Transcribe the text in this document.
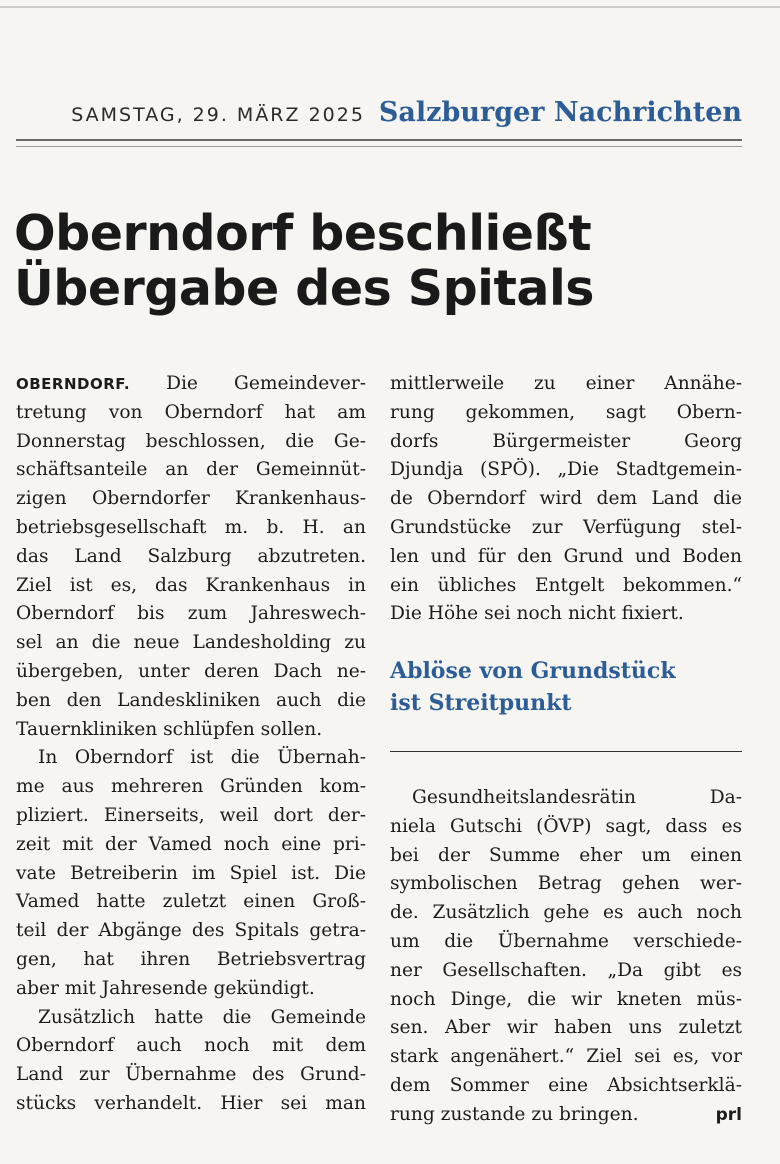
SAMSTAG, 29. MÄRZ 2025 Salzburger Nachrichten
Oberndorf beschließt
Übergabe des Spitals
OBERNDORF. Die Gemeindever-
tretung von Oberndorf hat am
Donnerstag beschlossen, die Ge-
schäftsanteile an der Gemeinnüt-
zigen Oberndorfer Krankenhaus-
betriebsgesellschaft m. b. H. an
das Land Salzburg abzutreten.
Ziel ist es, das Krankenhaus in
Oberndorf bis zum Jahreswech-
sel an die neue Landesholding zu
übergeben, unter deren Dach ne-
ben den Landeskliniken auch die
Tauernkliniken schlüpfen sollen.
In Oberndorf ist die Übernah-
me aus mehreren Gründen kom-
pliziert. Einerseits, weil dort der-
zeit mit der Vamed noch eine pri-
vate Betreiberin im Spiel ist. Die
Vamed hatte zuletzt einen Groß-
teil der Abgänge des Spitals getra-
gen, hat ihren Betriebsvertrag
aber mit Jahresende gekündigt.
Zusätzlich hatte die Gemeinde
Oberndorf auch noch mit dem
Land zur Übernahme des Grund-
stücks verhandelt. Hier sei man
mittlerweile zu einer Annähe-
rung gekommen, sagt Obern-
dorfs Bürgermeister Georg
Djundja (SPÖ). „Die Stadtgemein-
de Oberndorf wird dem Land die
Grundstücke zur Verfügung stel-
len und für den Grund und Boden
ein übliches Entgelt bekommen.“
Die Höhe sei noch nicht fixiert.
Ablöse von Grundstück
ist Streitpunkt
Gesundheitslandesrätin Da-
niela Gutschi (ÖVP) sagt, dass es
bei der Summe eher um einen
symbolischen Betrag gehen wer-
de. Zusätzlich gehe es auch noch
um die Übernahme verschiede-
ner Gesellschaften. „Da gibt es
noch Dinge, die wir kneten müs-
sen. Aber wir haben uns zuletzt
stark angenähert.“ Ziel sei es, vor
dem Sommer eine Absichtserklä-
rung zustande zu bringen.	prl
